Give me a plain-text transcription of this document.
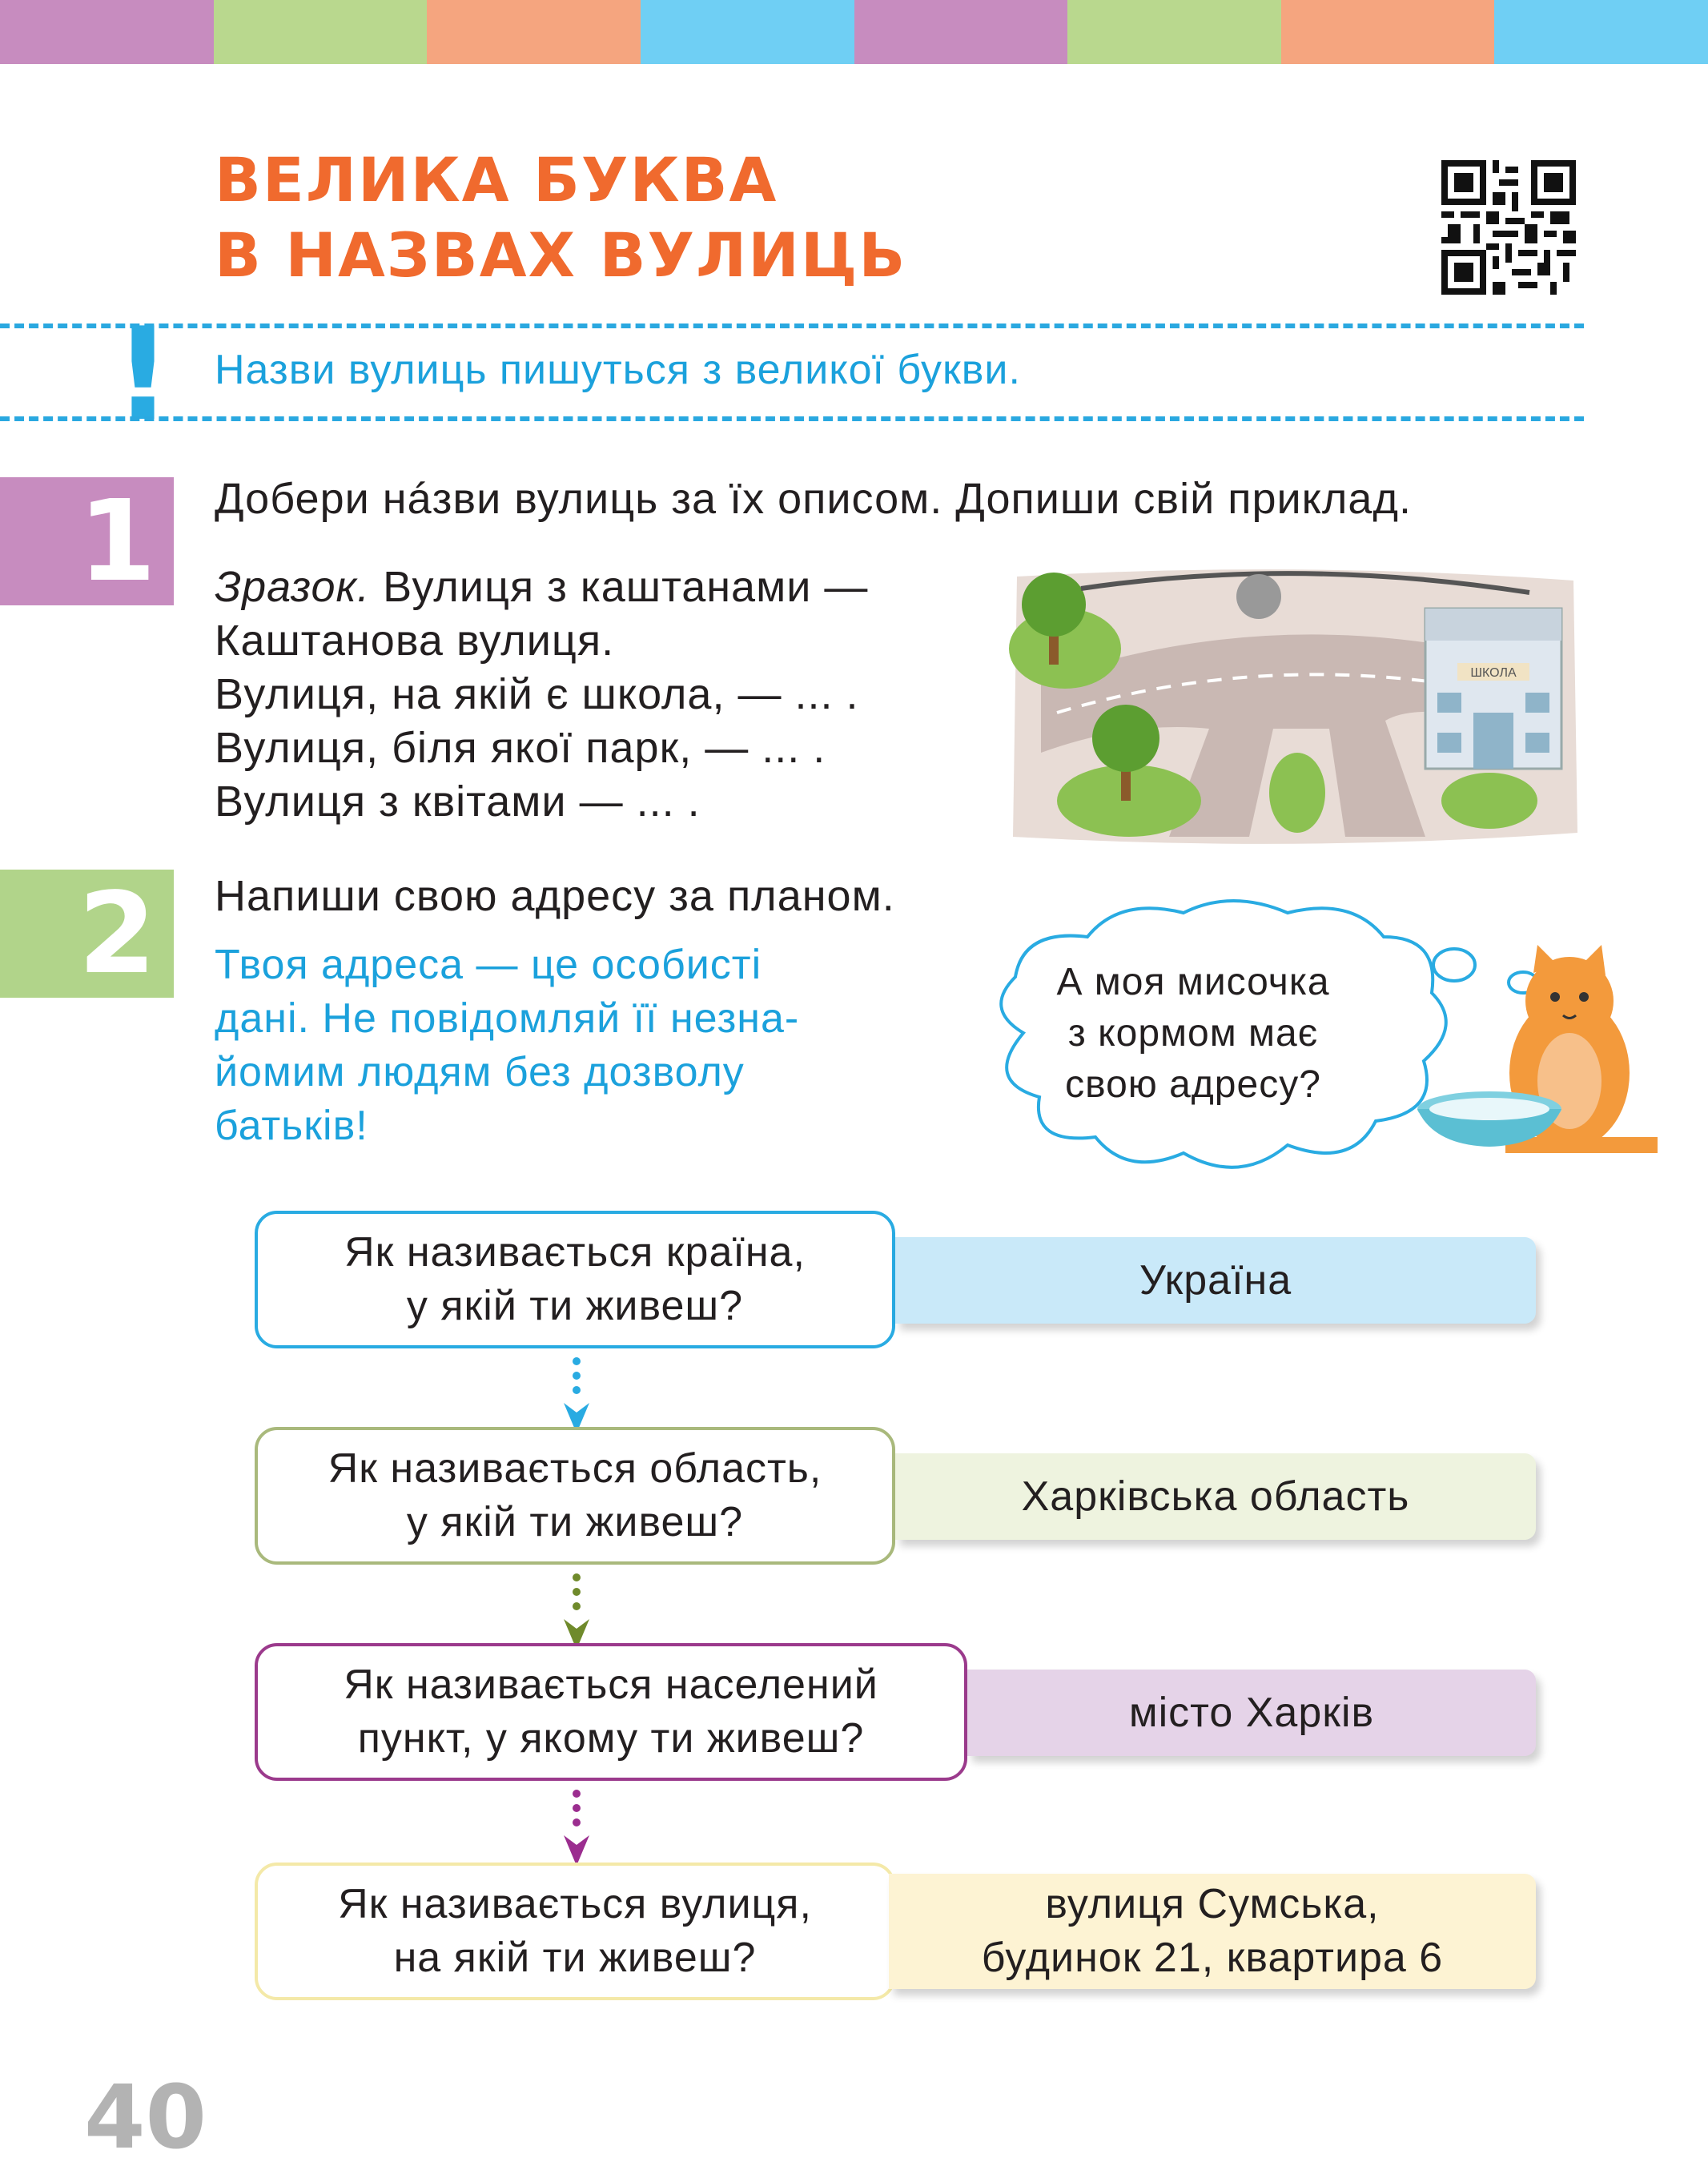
ВЕЛИКА БУКВА
В НАЗВАХ ВУЛИЦЬ
! Назви вулиць пишуться з великої букви.
1	Добери нáзви вулиць за їх описом. Допиши свій приклад.
Зразок. Вулиця з каштанами —
Каштанова вулиця.
Вулиця, на якій є школа, — ... .
Вулиця, біля якої парк, — ... .
Вулиця з квітами — ... .
ШКОЛА
2	Напиши свою адресу за планом.
Твоя адреса — це особисті
дані. Не повідомляй її незна-
йомим людям без дозволу
батьків!
А моя мисочка
з кормом має
свою адресу?
Як називається країна,
у якій ти живеш?
Україна
Як називається область,
у якій ти живеш?
Харківська область
Як називається населений
пункт, у якому ти живеш?
місто Харків
Як називається вулиця,
на якій ти живеш?
вулиця Сумська,
будинок 21, квартира 6
40
